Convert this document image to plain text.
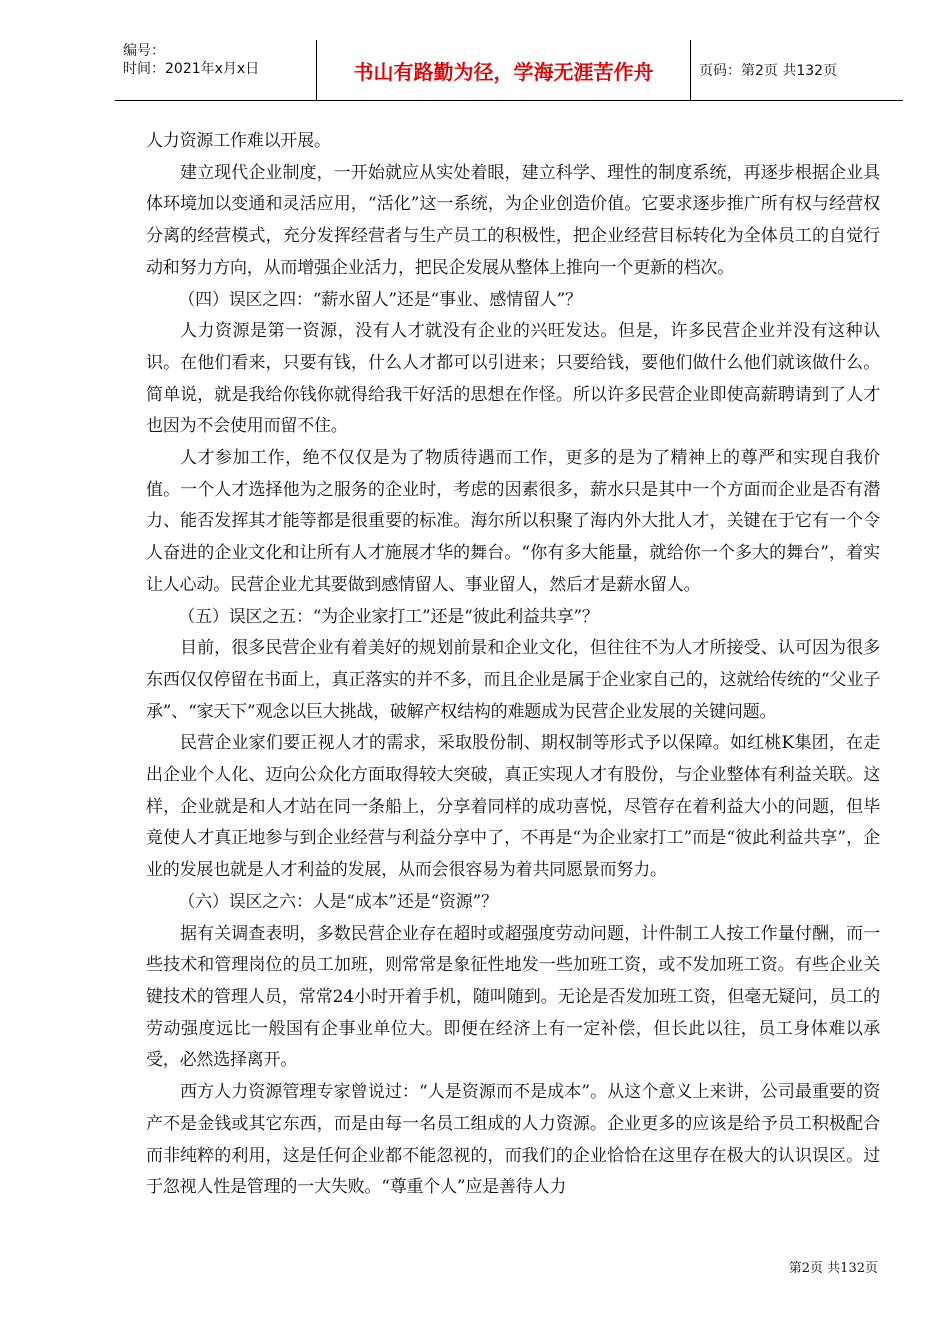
编号：
时间：2021年x月x日	书山有路勤为径，学海无涯苦作舟	页码：第2页 共132页

人力资源工作难以开展。

建立现代企业制度，一开始就应从实处着眼，建立科学、理性的制度系统，再逐步根据企业具体环境加以变通和灵活应用，“活化”这一系统，为企业创造价值。它要求逐步推广所有权与经营权分离的经营模式，充分发挥经营者与生产员工的积极性，把企业经营目标转化为全体员工的自觉行动和努力方向，从而增强企业活力，把民企发展从整体上推向一个更新的档次。

（四）误区之四：“薪水留人”还是“事业、感情留人”？

人力资源是第一资源，没有人才就没有企业的兴旺发达。但是，许多民营企业并没有这种认识。在他们看来，只要有钱，什么人才都可以引进来；只要给钱，要他们做什么他们就该做什么。简单说，就是我给你钱你就得给我干好活的思想在作怪。所以许多民营企业即使高薪聘请到了人才也因为不会使用而留不住。

人才参加工作，绝不仅仅是为了物质待遇而工作，更多的是为了精神上的尊严和实现自我价值。一个人才选择他为之服务的企业时，考虑的因素很多，薪水只是其中一个方面而企业是否有潜力、能否发挥其才能等都是很重要的标准。海尔所以积聚了海内外大批人才，关键在于它有一个令人奋进的企业文化和让所有人才施展才华的舞台。“你有多大能量，就给你一个多大的舞台”，着实让人心动。民营企业尤其要做到感情留人、事业留人，然后才是薪水留人。

（五）误区之五：“为企业家打工”还是“彼此利益共享”？

目前，很多民营企业有着美好的规划前景和企业文化，但往往不为人才所接受、认可因为很多东西仅仅停留在书面上，真正落实的并不多，而且企业是属于企业家自己的，这就给传统的“父业子承”、“家天下”观念以巨大挑战，破解产权结构的难题成为民营企业发展的关键问题。

民营企业家们要正视人才的需求，采取股份制、期权制等形式予以保障。如红桃K集团，在走出企业个人化、迈向公众化方面取得较大突破，真正实现人才有股份，与企业整体有利益关联。这样，企业就是和人才站在同一条船上，分享着同样的成功喜悦，尽管存在着利益大小的问题，但毕竟使人才真正地参与到企业经营与利益分享中了，不再是“为企业家打工”而是“彼此利益共享”，企业的发展也就是人才利益的发展，从而会很容易为着共同愿景而努力。

（六）误区之六：人是“成本”还是“资源”？

据有关调查表明，多数民营企业存在超时或超强度劳动问题，计件制工人按工作量付酬，而一些技术和管理岗位的员工加班，则常常是象征性地发一些加班工资，或不发加班工资。有些企业关键技术的管理人员，常常24小时开着手机，随叫随到。无论是否发加班工资，但毫无疑问，员工的劳动强度远比一般国有企事业单位大。即便在经济上有一定补偿，但长此以往，员工身体难以承受，必然选择离开。

西方人力资源管理专家曾说过：“人是资源而不是成本”。从这个意义上来讲，公司最重要的资产不是金钱或其它东西，而是由每一名员工组成的人力资源。企业更多的应该是给予员工积极配合而非纯粹的利用，这是任何企业都不能忽视的，而我们的企业恰恰在这里存在极大的认识误区。过于忽视人性是管理的一大失败。“尊重个人”应是善待人力

第2页 共132页
